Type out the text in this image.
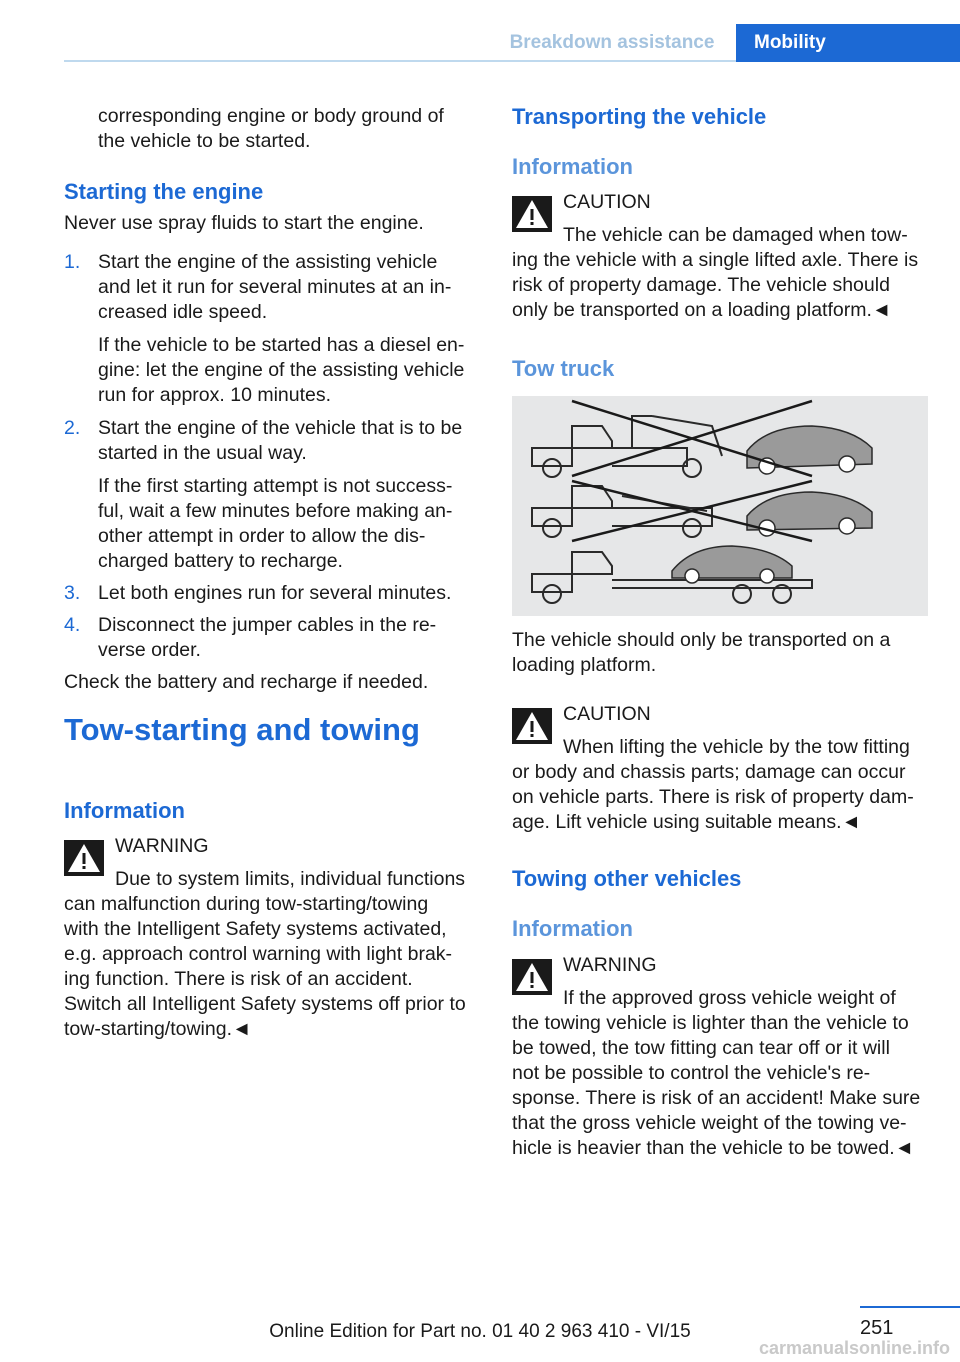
Breakdown assistance	Mobility
corresponding engine or body ground of
the vehicle to be started.
Starting the engine
Never use spray fluids to start the engine.
1. Start the engine of the assisting vehicle
and let it run for several minutes at an in‐
creased idle speed.
If the vehicle to be started has a diesel en‐
gine: let the engine of the assisting vehicle
run for approx. 10 minutes.
2. Start the engine of the vehicle that is to be
started in the usual way.
If the first starting attempt is not success‐
ful, wait a few minutes before making an‐
other attempt in order to allow the dis‐
charged battery to recharge.
3. Let both engines run for several minutes.
4. Disconnect the jumper cables in the re‐
verse order.
Check the battery and recharge if needed.
Tow-starting and towing
Information
WARNING
Due to system limits, individual functions
can malfunction during tow-starting/towing
with the Intelligent Safety systems activated,
e.g. approach control warning with light brak‐
ing function. There is risk of an accident.
Switch all Intelligent Safety systems off prior to
tow-starting/towing.◄
Transporting the vehicle
Information
CAUTION
The vehicle can be damaged when tow‐
ing the vehicle with a single lifted axle. There is
risk of property damage. The vehicle should
only be transported on a loading platform.◄
Tow truck
The vehicle should only be transported on a
loading platform.
CAUTION
When lifting the vehicle by the tow fitting
or body and chassis parts; damage can occur
on vehicle parts. There is risk of property dam‐
age. Lift vehicle using suitable means.◄
Towing other vehicles
Information
WARNING
If the approved gross vehicle weight of
the towing vehicle is lighter than the vehicle to
be towed, the tow fitting can tear off or it will
not be possible to control the vehicle's re‐
sponse. There is risk of an accident! Make sure
that the gross vehicle weight of the towing ve‐
hicle is heavier than the vehicle to be towed.◄
251
Online Edition for Part no. 01 40 2 963 410 - VI/15
carmanualsonline.info
